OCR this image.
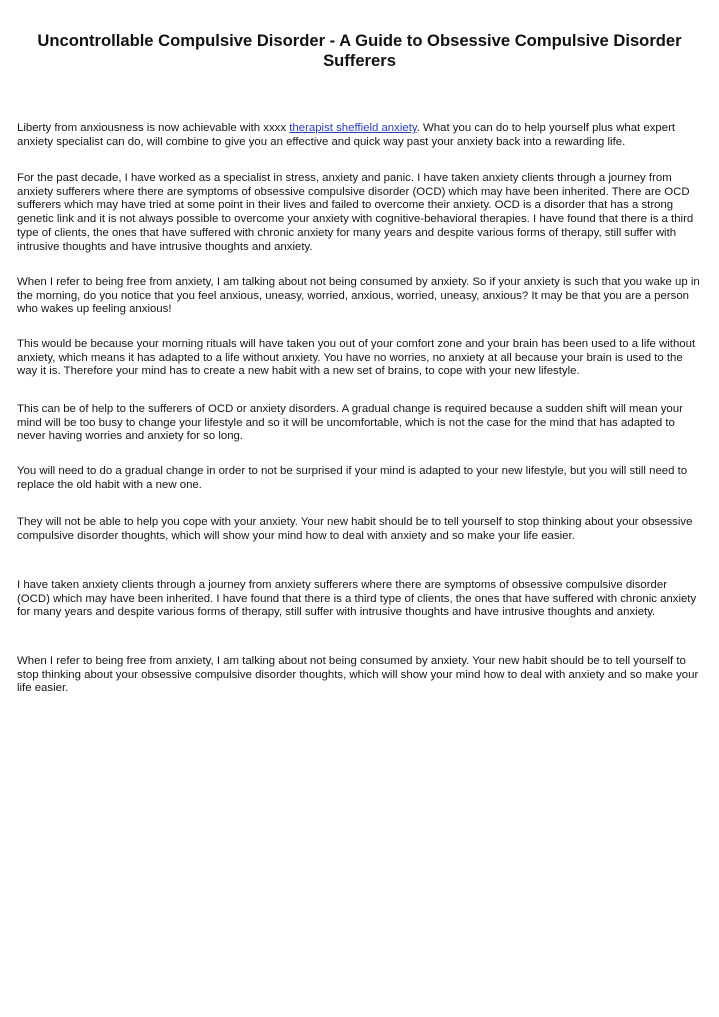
Uncontrollable Compulsive Disorder - A Guide to Obsessive Compulsive Disorder Sufferers

Liberty from anxiousness is now achievable with xxxx therapist sheffield anxiety. What you can do to help yourself plus what expert anxiety specialist can do, will combine to give you an effective and quick way past your anxiety back into a rewarding life.

For the past decade, I have worked as a specialist in stress, anxiety and panic. I have taken anxiety clients through a journey from anxiety sufferers where there are symptoms of obsessive compulsive disorder (OCD) which may have been inherited. There are OCD sufferers which may have tried at some point in their lives and failed to overcome their anxiety. OCD is a disorder that has a strong genetic link and it is not always possible to overcome your anxiety with cognitive-behavioral therapies. I have found that there is a third type of clients, the ones that have suffered with chronic anxiety for many years and despite various forms of therapy, still suffer with intrusive thoughts and have intrusive thoughts and anxiety.

When I refer to being free from anxiety, I am talking about not being consumed by anxiety. So if your anxiety is such that you wake up in the morning, do you notice that you feel anxious, uneasy, worried, anxious, worried, uneasy, anxious? It may be that you are a person who wakes up feeling anxious!

This would be because your morning rituals will have taken you out of your comfort zone and your brain has been used to a life without anxiety, which means it has adapted to a life without anxiety. You have no worries, no anxiety at all because your brain is used to the way it is. Therefore your mind has to create a new habit with a new set of brains, to cope with your new lifestyle.

This can be of help to the sufferers of OCD or anxiety disorders. A gradual change is required because a sudden shift will mean your mind will be too busy to change your lifestyle and so it will be uncomfortable, which is not the case for the mind that has adapted to never having worries and anxiety for so long.

You will need to do a gradual change in order to not be surprised if your mind is adapted to your new lifestyle, but you will still need to replace the old habit with a new one.

They will not be able to help you cope with your anxiety. Your new habit should be to tell yourself to stop thinking about your obsessive compulsive disorder thoughts, which will show your mind how to deal with anxiety and so make your life easier.

I have taken anxiety clients through a journey from anxiety sufferers where there are symptoms of obsessive compulsive disorder (OCD) which may have been inherited. I have found that there is a third type of clients, the ones that have suffered with chronic anxiety for many years and despite various forms of therapy, still suffer with intrusive thoughts and have intrusive thoughts and anxiety.

When I refer to being free from anxiety, I am talking about not being consumed by anxiety. Your new habit should be to tell yourself to stop thinking about your obsessive compulsive disorder thoughts, which will show your mind how to deal with anxiety and so make your life easier.
